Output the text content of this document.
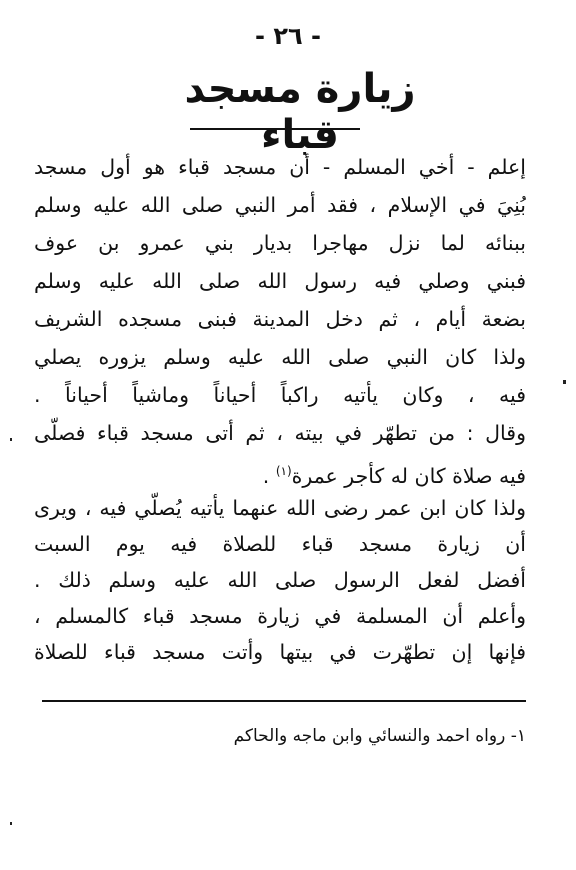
- ٢٦ -
زيارة مسجد قباء
إعلم - أخي المسلم - أن مسجد قباء هو أول مسجد
بُنِيَ في الإسلام ، فقد أمر النبي صلى الله عليه وسلم
ببنائه لما نزل مهاجرا بديار بني عمرو بن عوف
فبني وصلي فيه رسول الله صلى الله عليه وسلم
بضعة أيام ، ثم دخل المدينة فبنى مسجده الشريف
ولذا كان النبي صلى الله عليه وسلم يزوره يصلي
فيه ، وكان يأتيه راكباً أحياناً وماشياً أحياناً .
وقال : من تطهّر في بيته ، ثم أتى مسجد قباء فصلّى
فيه صلاة كان له كأجر عمرة$^{(١)}$ .
ولذا كان ابن عمر رضى الله عنهما يأتيه يُصلّي فيه ، ويرى
أن زيارة مسجد قباء للصلاة فيه يوم السبت
أفضل لفعل الرسول صلى الله عليه وسلم ذلك .
وأعلم أن المسلمة في زيارة مسجد قباء كالمسلم ،
فإنها إن تطهّرت في بيتها وأتت مسجد قباء للصلاة
١- رواه احمد والنسائي وابن ماجه والحاكم
